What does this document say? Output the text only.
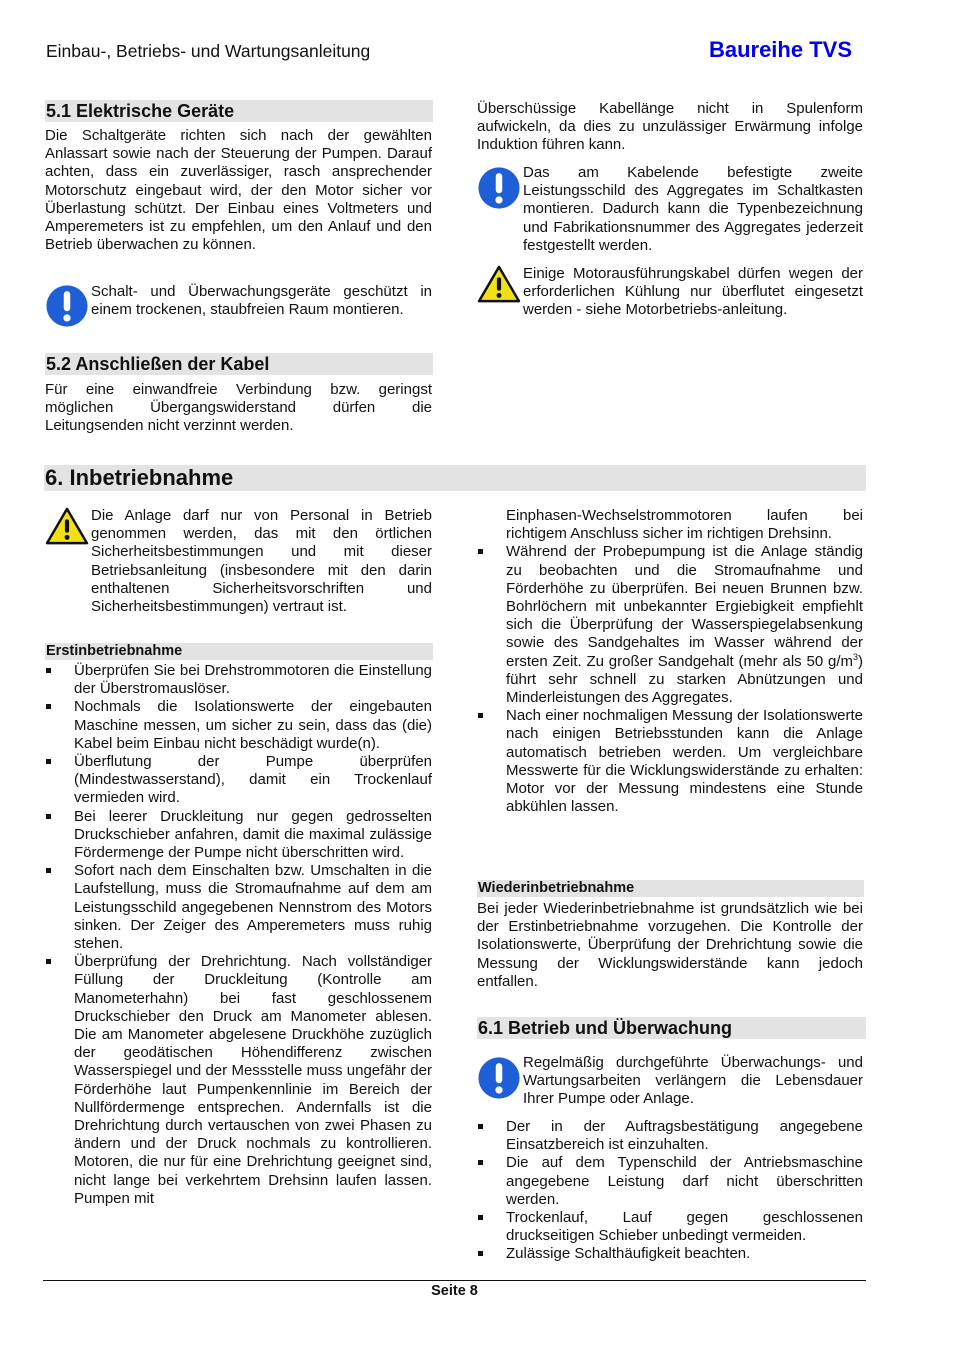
Einbau-, Betriebs- und Wartungsanleitung	Baureihe TVS
5.1 Elektrische Geräte

Die Schaltgeräte richten sich nach der gewählten Anlassart sowie nach der Steuerung der Pumpen. Darauf achten, dass ein zuverlässiger, rasch ansprechender Motorschutz eingebaut wird, der den Motor sicher vor Überlastung schützt. Der Einbau eines Voltmeters und Amperemeters ist zu empfehlen, um den Anlauf und den Betrieb überwachen zu können.

Schalt- und Überwachungsgeräte geschützt in einem trockenen, staubfreien Raum montieren.

5.2 Anschließen der Kabel

Für eine einwandfreie Verbindung bzw. geringst möglichen Übergangswiderstand dürfen die Leitungsenden nicht verzinnt werden.

Überschüssige Kabellänge nicht in Spulenform aufwickeln, da dies zu unzulässiger Erwärmung infolge Induktion führen kann.

Das am Kabelende befestigte zweite Leistungsschild des Aggregates im Schaltkasten montieren. Dadurch kann die Typenbezeichnung und Fabrikationsnummer des Aggregates jederzeit festgestellt werden.

Einige Motorausführungskabel dürfen wegen der erforderlichen Kühlung nur überflutet eingesetzt werden - siehe Motorbetriebs-anleitung.

6. Inbetriebnahme

Die Anlage darf nur von Personal in Betrieb genommen werden, das mit den örtlichen Sicherheitsbestimmungen und mit dieser Betriebsanleitung (insbesondere mit den darin enthaltenen Sicherheitsvorschriften und Sicherheitsbestimmungen) vertraut ist.

Erstinbetriebnahme
Überprüfen Sie bei Drehstrommotoren die Einstellung der Überstromauslöser.
Nochmals die Isolationswerte der eingebauten Maschine messen, um sicher zu sein, dass das (die) Kabel beim Einbau nicht beschädigt wurde(n).
Überflutung der Pumpe überprüfen (Mindestwasserstand), damit ein Trockenlauf vermieden wird.
Bei leerer Druckleitung nur gegen gedrosselten Druckschieber anfahren, damit die maximal zulässige Fördermenge der Pumpe nicht überschritten wird.
Sofort nach dem Einschalten bzw. Umschalten in die Laufstellung, muss die Stromaufnahme auf dem am Leistungsschild angegebenen Nennstrom des Motors sinken. Der Zeiger des Amperemeters muss ruhig stehen.
Überprüfung der Drehrichtung. Nach vollständiger Füllung der Druckleitung (Kontrolle am Manometerhahn) bei fast geschlossenem Druckschieber den Druck am Manometer ablesen. Die am Manometer abgelesene Druckhöhe zuzüglich der geodätischen Höhendifferenz zwischen Wasserspiegel und der Messstelle muss ungefähr der Förderhöhe laut Pumpenkennlinie im Bereich der Nullfördermenge entsprechen. Andernfalls ist die Drehrichtung durch vertauschen von zwei Phasen zu ändern und der Druck nochmals zu kontrollieren. Motoren, die nur für eine Drehrichtung geeignet sind, nicht lange bei verkehrtem Drehsinn laufen lassen. Pumpen mit

Einphasen-Wechselstrommotoren laufen bei richtigem Anschluss sicher im richtigen Drehsinn.

Während der Probepumpung ist die Anlage ständig zu beobachten und die Stromaufnahme und Förderhöhe zu überprüfen. Bei neuen Brunnen bzw. Bohrlöchern mit unbekannter Ergiebigkeit empfiehlt sich die Überprüfung der Wasserspiegelabsenkung sowie des Sandgehaltes im Wasser während der ersten Zeit. Zu großer Sandgehalt (mehr als 50 $g/m^3$) führt sehr schnell zu starken Abnützungen und Minderleistungen des Aggregates.
Nach einer nochmaligen Messung der Isolationswerte nach einigen Betriebsstunden kann die Anlage automatisch betrieben werden. Um vergleichbare Messwerte für die Wicklungswiderstände zu erhalten: Motor vor der Messung mindestens eine Stunde abkühlen lassen.
Wiederinbetriebnahme

Bei jeder Wiederinbetriebnahme ist grundsätzlich wie bei der Erstinbetriebnahme vorzugehen. Die Kontrolle der Isolationswerte, Überprüfung der Drehrichtung sowie die Messung der Wicklungswiderstände kann jedoch entfallen.

6.1 Betrieb und Überwachung

Regelmäßig durchgeführte Überwachungs- und Wartungsarbeiten verlängern die Lebensdauer Ihrer Pumpe oder Anlage.

Der in der Auftragsbestätigung angegebene Einsatzbereich ist einzuhalten.
Die auf dem Typenschild der Antriebsmaschine angegebene Leistung darf nicht überschritten werden.
Trockenlauf, Lauf gegen geschlossenen druckseitigen Schieber unbedingt vermeiden.
Zulässige Schalthäufigkeit beachten.
Seite 8
